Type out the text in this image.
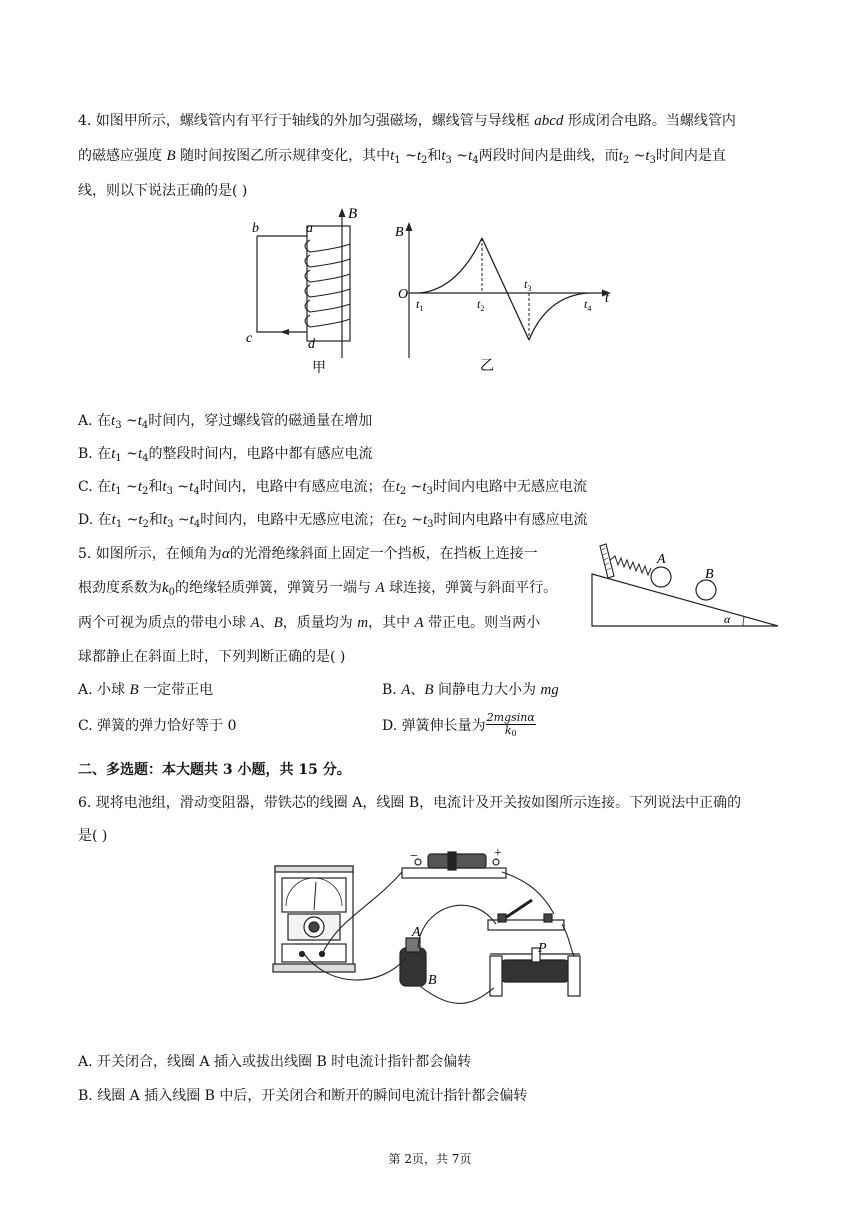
4. 如图甲所示，螺线管内有平行于轴线的外加匀强磁场，螺线管与导线框 abcd 形成闭合电路。当螺线管内
的磁感应强度 B 随时间按图乙所示规律变化，其中$t_1$ $\sim t_2$和$t_3$ $\sim t_4$两段时间内是曲线，而$t_2$ $\sim t_3$时间内是直
线，则以下说法正确的是( )
B
b	a
c	d
甲
B
O	t
$t_1$	$t_2$
$t_3$
$t_4$
乙
A. 在$t_3$ $\sim t_4$时间内，穿过螺线管的磁通量在增加
B. 在$t_1$ $\sim t_4$的整段时间内，电路中都有感应电流
C. 在$t_1$ $\sim t_2$和$t_3$ $\sim t_4$时间内，电路中有感应电流；在$t_2$ $\sim t_3$时间内电路中无感应电流
D. 在$t_1$ $\sim t_2$和$t_3$ $\sim t_4$时间内，电路中无感应电流；在$t_2$ $\sim t_3$时间内电路中有感应电流
5. 如图所示，在倾角为α的光滑绝缘斜面上固定一个挡板，在挡板上连接一
根劲度系数为$k_0$的绝缘轻质弹簧，弹簧另一端与 A 球连接，弹簧与斜面平行。
两个可视为质点的带电小球 A、B，质量均为 m，其中 A 带正电。则当两小
球都静止在斜面上时，下列判断正确的是( )
A
B
α
A. 小球 B 一定带正电	B. A、B 间静电力大小为 mg
C. 弹簧的弹力恰好等于 0	D. 弹簧伸长量为 $\frac{2mgsin\alpha}{k_0}$
二、多选题：本大题共 3 小题，共 15 分。
6. 现将电池组，滑动变阻器，带铁芯的线圈 A，线圈 B，电流计及开关按如图所示连接。下列说法中正确的
是( )
−	+
A
B
P
A. 开关闭合，线圈 A 插入或拔出线圈 B 时电流计指针都会偏转
B. 线圈 A 插入线圈 B 中后，开关闭合和断开的瞬间电流计指针都会偏转
第 2页，共 7页
